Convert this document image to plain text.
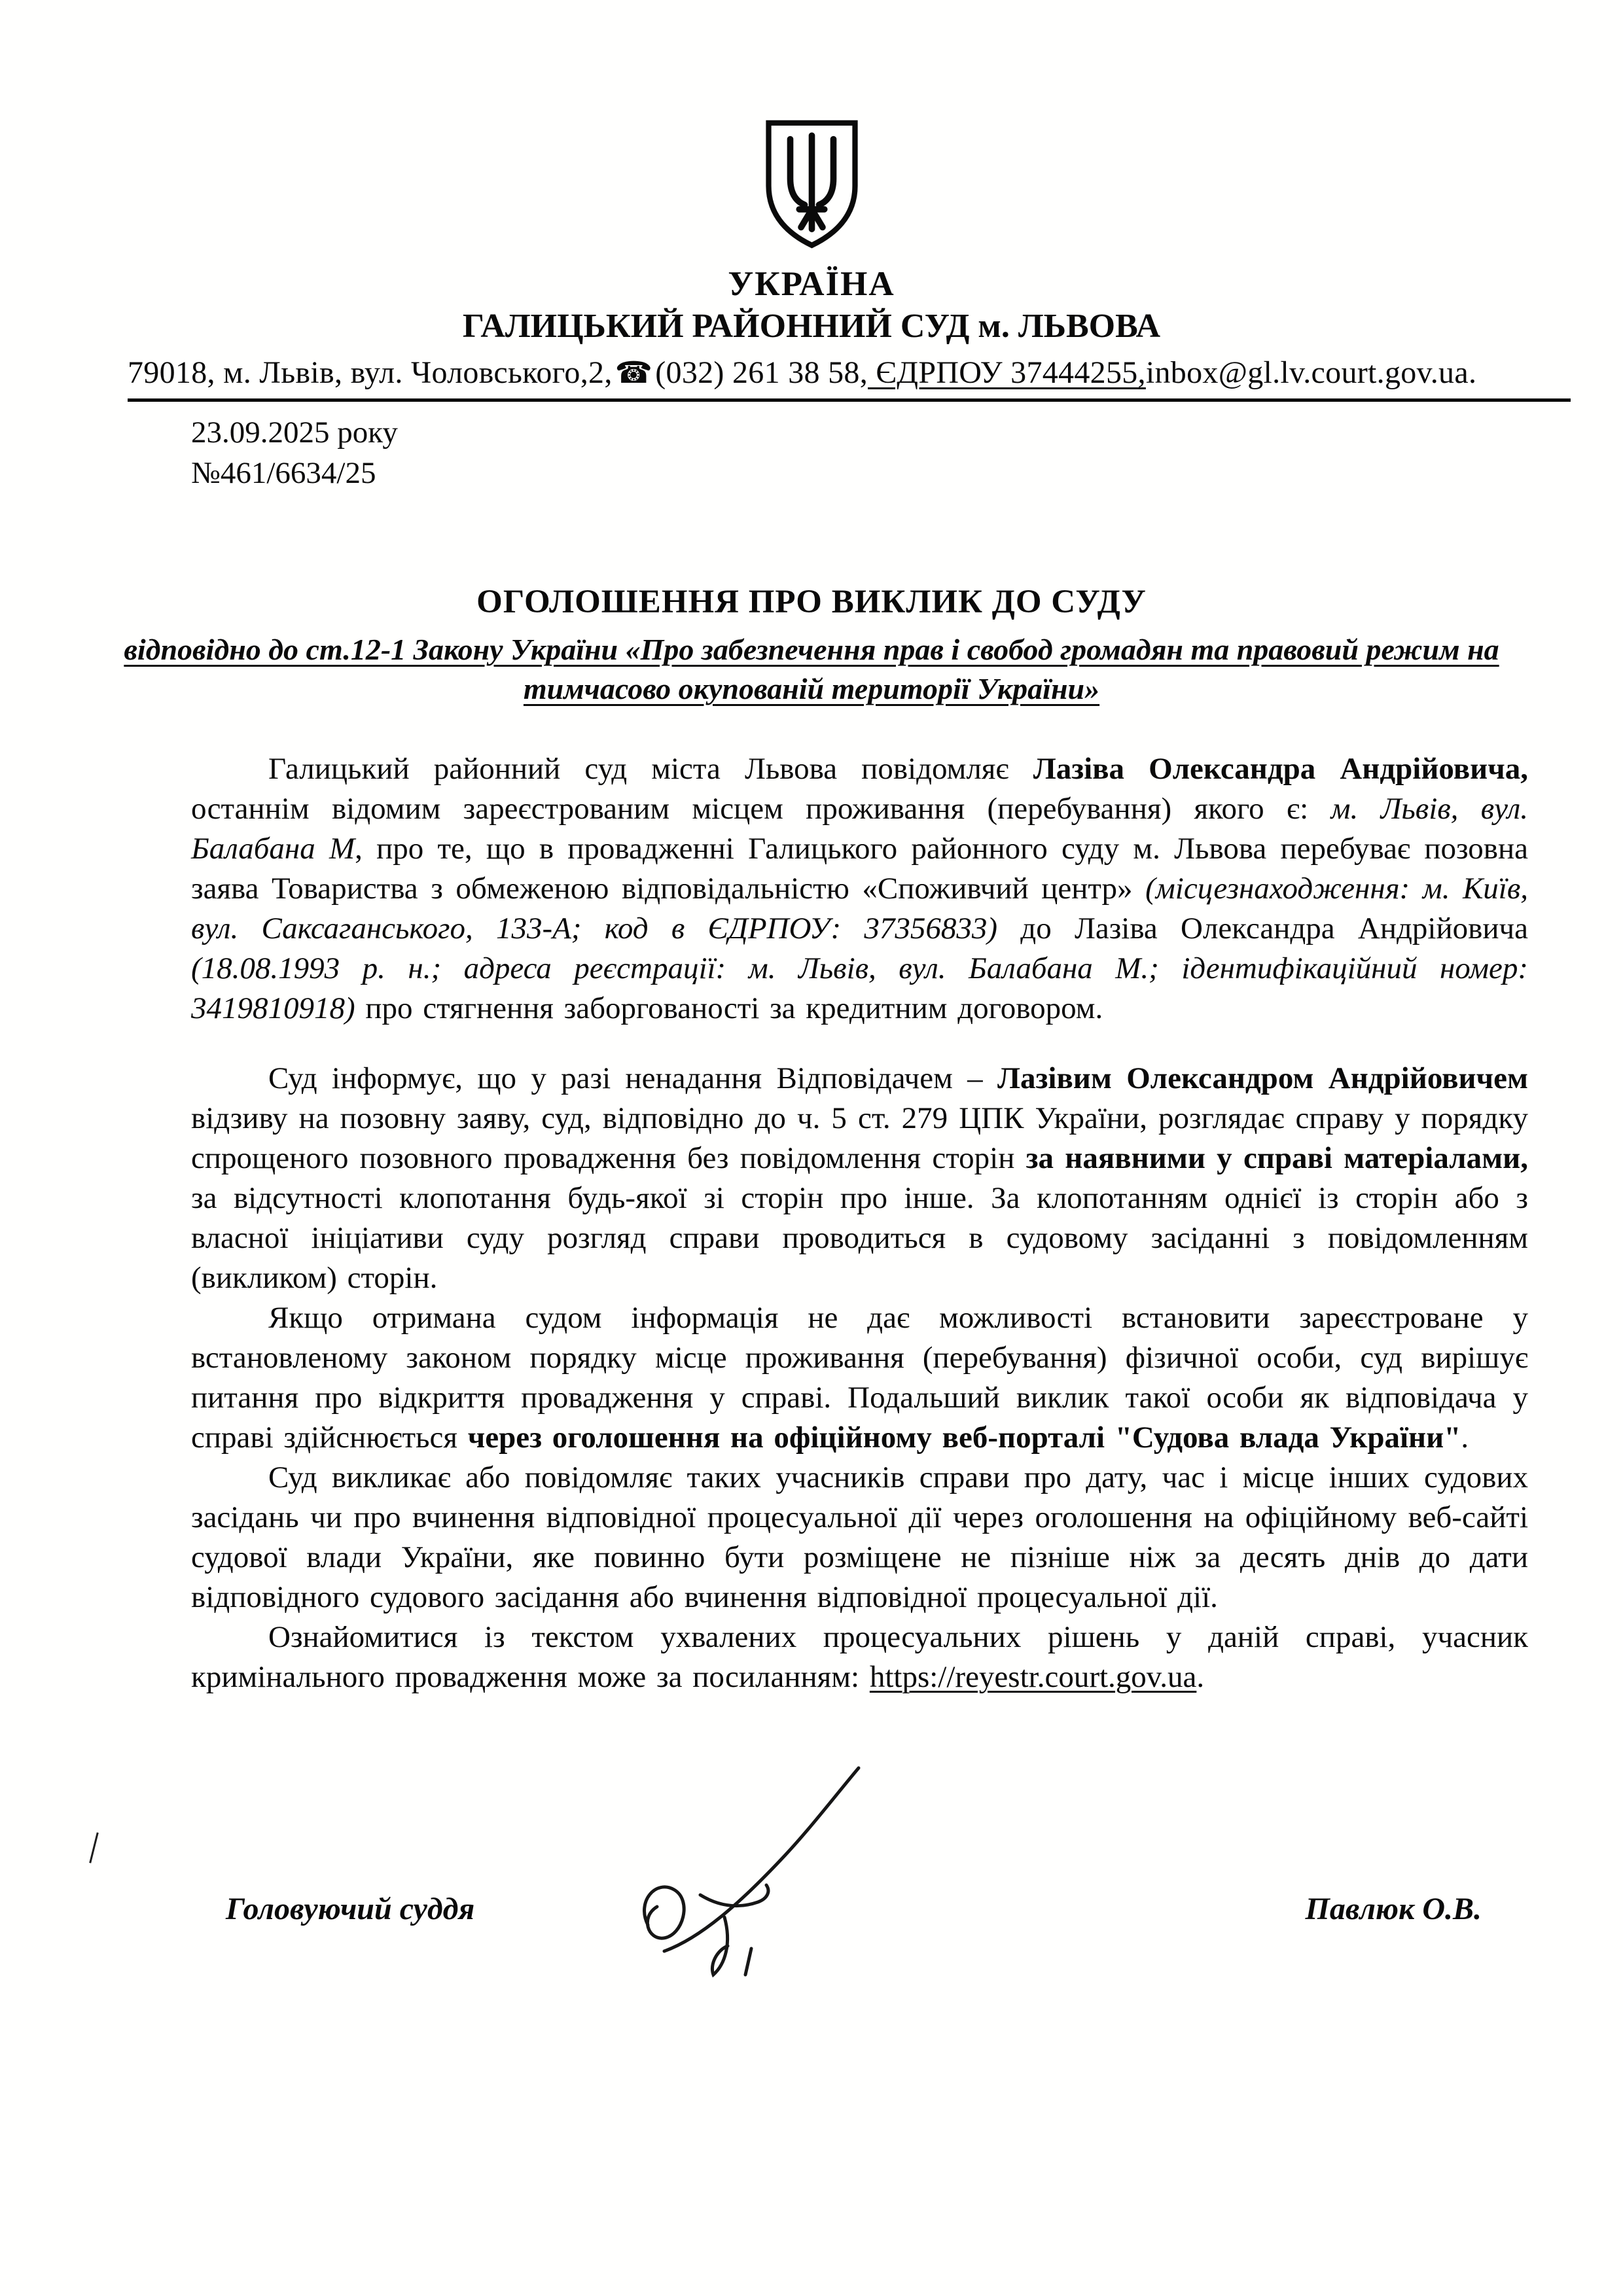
УКРАЇНА
ГАЛИЦЬКИЙ РАЙОННИЙ СУД м. ЛЬВОВА
79018, м. Львів, вул. Чоловського,2,☎(032) 261 38 58, ЄДРПОУ 37444255,inbox@gl.lv.court.gov.ua.
23.09.2025 року
№461/6634/25
ОГОЛОШЕННЯ ПРО ВИКЛИК ДО СУДУ
відповідно до ст.12-1 Закону України «Про забезпечення прав і свобод громадян та правовий режим на тимчасово окупованій території України»

Галицький районний суд міста Львова повідомляє Лазіва Олександра Андрійовича, останнім відомим зареєстрованим місцем проживання (перебування) якого є: м. Львів, вул. Балабана М, про те, що в провадженні Галицького районного суду м. Львова перебуває позовна заява Товариства з обмеженою відповідальністю «Споживчий центр» (місцезнаходження: м. Київ, вул. Саксаганського, 133-А; код в ЄДРПОУ: 37356833) до Лазіва Олександра Андрійовича (18.08.1993 р. н.; адреса реєстрації: м. Львів, вул. Балабана М.; ідентифікаційний номер: 3419810918) про стягнення заборгованості за кредитним договором.

Суд інформує, що у разі ненадання Відповідачем – Лазівим Олександром Андрійовичем відзиву на позовну заяву, суд, відповідно до ч. 5 ст. 279 ЦПК України, розглядає справу у порядку спрощеного позовного провадження без повідомлення сторін за наявними у справі матеріалами, за відсутності клопотання будь-якої зі сторін про інше. За клопотанням однієї із сторін або з власної ініціативи суду розгляд справи проводиться в судовому засіданні з повідомленням (викликом) сторін.

Якщо отримана судом інформація не дає можливості встановити зареєстроване у встановленому законом порядку місце проживання (перебування) фізичної особи, суд вирішує питання про відкриття провадження у справі. Подальший виклик такої особи як відповідача у справі здійснюється через оголошення на офіційному веб-порталі "Судова влада України".

Суд викликає або повідомляє таких учасників справи про дату, час і місце інших судових засідань чи про вчинення відповідної процесуальної дії через оголошення на офіційному веб-сайті судової влади України, яке повинно бути розміщене не пізніше ніж за десять днів до дати відповідного судового засідання або вчинення відповідної процесуальної дії.

Ознайомитися із текстом ухвалених процесуальних рішень у даній справі, учасник кримінального провадження може за посиланням: https://reyestr.court.gov.ua.

Головуючий суддя	Павлюк О.В.
